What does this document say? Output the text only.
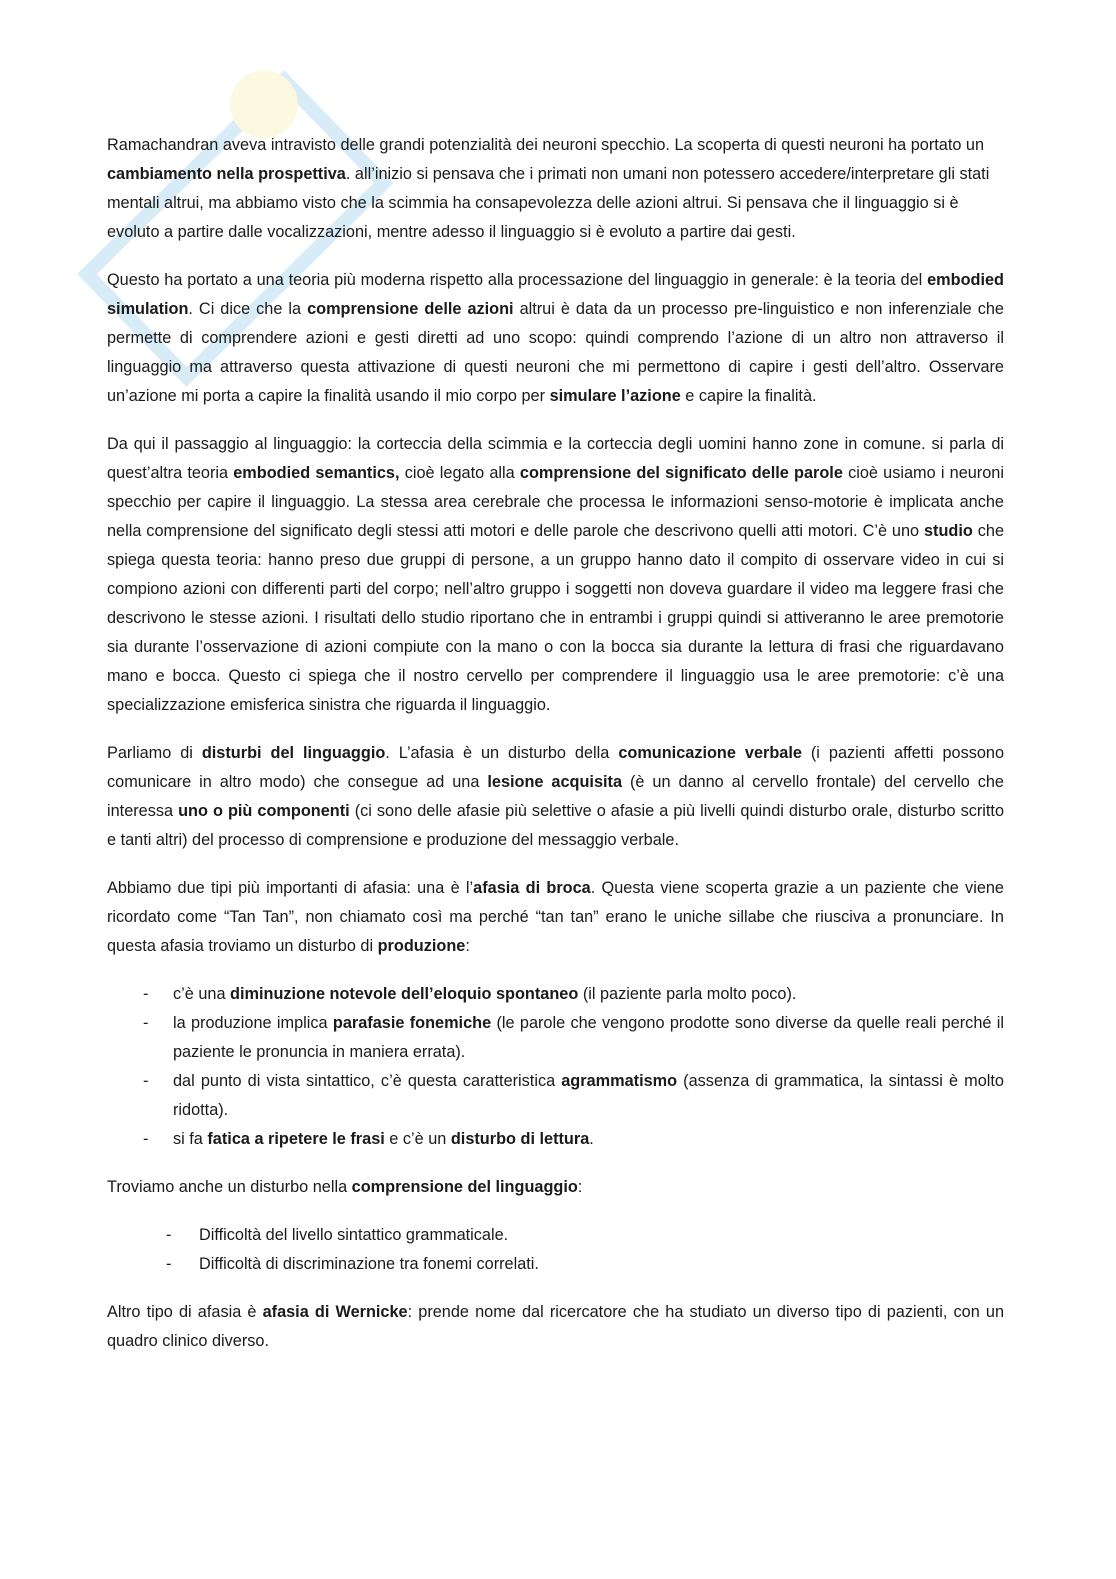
Ramachandran aveva intravisto delle grandi potenzialità dei neuroni specchio. La scoperta di questi neuroni ha portato un cambiamento nella prospettiva. all’inizio si pensava che i primati non umani non potessero accedere/interpretare gli stati mentali altrui, ma abbiamo visto che la scimmia ha consapevolezza delle azioni altrui. Si pensava che il linguaggio si è evoluto a partire dalle vocalizzazioni, mentre adesso il linguaggio si è evoluto a partire dai gesti.

Questo ha portato a una teoria più moderna rispetto alla processazione del linguaggio in generale: è la teoria del embodied simulation. Ci dice che la comprensione delle azioni altrui è data da un processo pre-linguistico e non inferenziale che permette di comprendere azioni e gesti diretti ad uno scopo: quindi comprendo l’azione di un altro non attraverso il linguaggio ma attraverso questa attivazione di questi neuroni che mi permettono di capire i gesti dell’altro. Osservare un’azione mi porta a capire la finalità usando il mio corpo per simulare l’azione e capire la finalità.

Da qui il passaggio al linguaggio: la corteccia della scimmia e la corteccia degli uomini hanno zone in comune. si parla di quest’altra teoria embodied semantics, cioè legato alla comprensione del significato delle parole cioè usiamo i neuroni specchio per capire il linguaggio. La stessa area cerebrale che processa le informazioni senso-motorie è implicata anche nella comprensione del significato degli stessi atti motori e delle parole che descrivono quelli atti motori. C’è uno studio che spiega questa teoria: hanno preso due gruppi di persone, a un gruppo hanno dato il compito di osservare video in cui si compiono azioni con differenti parti del corpo; nell’altro gruppo i soggetti non doveva guardare il video ma leggere frasi che descrivono le stesse azioni. I risultati dello studio riportano che in entrambi i gruppi quindi si attiveranno le aree premotorie sia durante l’osservazione di azioni compiute con la mano o con la bocca sia durante la lettura di frasi che riguardavano mano e bocca. Questo ci spiega che il nostro cervello per comprendere il linguaggio usa le aree premotorie: c’è una specializzazione emisferica sinistra che riguarda il linguaggio.

Parliamo di disturbi del linguaggio. L’afasia è un disturbo della comunicazione verbale (i pazienti affetti possono comunicare in altro modo) che consegue ad una lesione acquisita (è un danno al cervello frontale) del cervello che interessa uno o più componenti (ci sono delle afasie più selettive o afasie a più livelli quindi disturbo orale, disturbo scritto e tanti altri) del processo di comprensione e produzione del messaggio verbale.

Abbiamo due tipi più importanti di afasia: una è l’afasia di broca. Questa viene scoperta grazie a un paziente che viene ricordato come “Tan Tan”, non chiamato così ma perché “tan tan” erano le uniche sillabe che riusciva a pronunciare. In questa afasia troviamo un disturbo di produzione:

- c’è una diminuzione notevole dell’eloquio spontaneo (il paziente parla molto poco).
- la produzione implica parafasie fonemiche (le parole che vengono prodotte sono diverse da quelle reali perché il paziente le pronuncia in maniera errata).
- dal punto di vista sintattico, c’è questa caratteristica agrammatismo (assenza di grammatica, la sintassi è molto ridotta).
- si fa fatica a ripetere le frasi e c’è un disturbo di lettura.

Troviamo anche un disturbo nella comprensione del linguaggio:

- Difficoltà del livello sintattico grammaticale.
- Difficoltà di discriminazione tra fonemi correlati.

Altro tipo di afasia è afasia di Wernicke: prende nome dal ricercatore che ha studiato un diverso tipo di pazienti, con un quadro clinico diverso.
